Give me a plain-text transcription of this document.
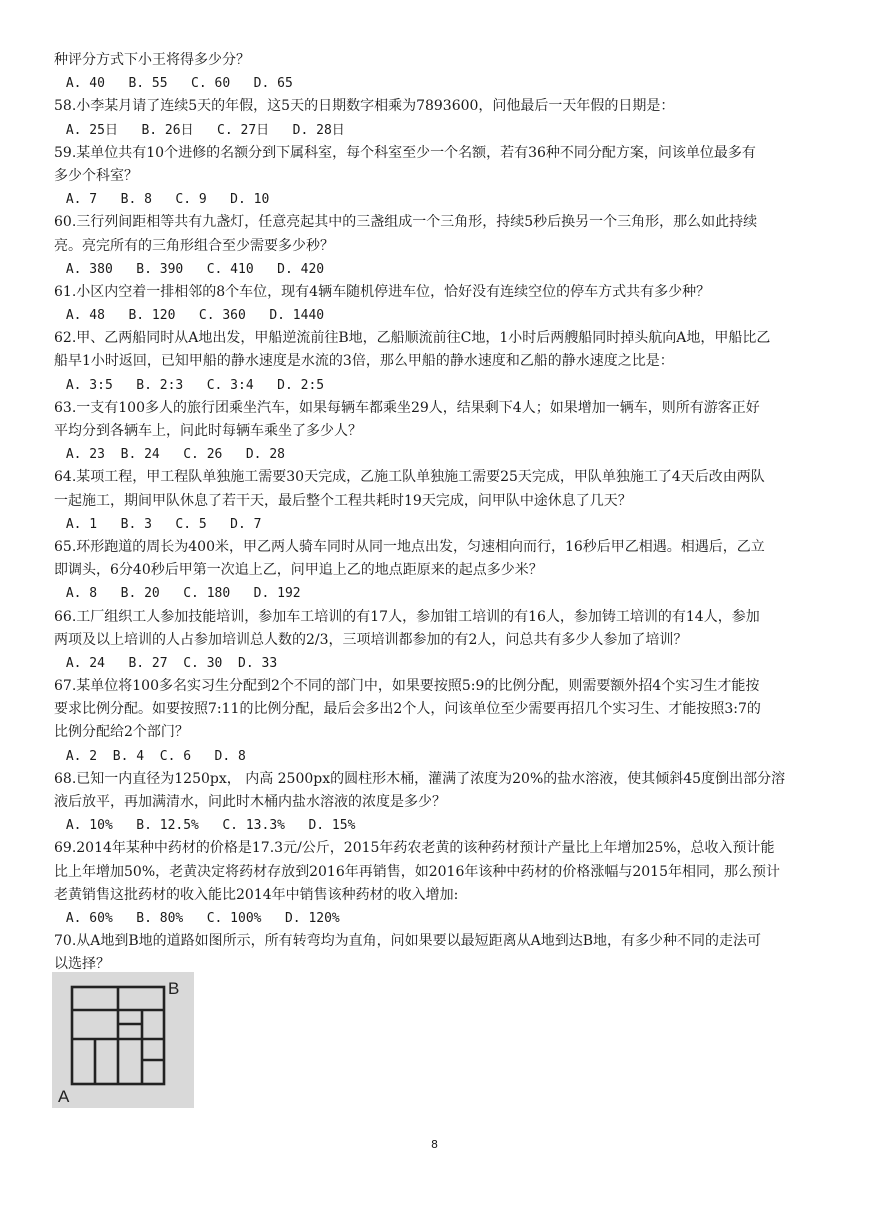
种评分方式下小王将得多少分？
A. 40   B. 55   C. 60   D. 65
58.小李某月请了连续5天的年假，这5天的日期数字相乘为7893600，问他最后一天年假的日期是：
A. 25日   B. 26日   C. 27日   D. 28日
59.某单位共有10个进修的名额分到下属科室，每个科室至少一个名额，若有36种不同分配方案，问该单位最多有
多少个科室？
A. 7   B. 8   C. 9   D. 10
60.三行列间距相等共有九盏灯，任意亮起其中的三盏组成一个三角形，持续5秒后换另一个三角形，那么如此持续
亮。亮完所有的三角形组合至少需要多少秒？
A. 380   B. 390   C. 410   D. 420
61.小区内空着一排相邻的8个车位，现有4辆车随机停进车位，恰好没有连续空位的停车方式共有多少种？
A. 48   B. 120   C. 360   D. 1440
62.甲、乙两船同时从A地出发，甲船逆流前往B地，乙船顺流前往C地，1小时后两艘船同时掉头航向A地，甲船比乙
船早1小时返回，已知甲船的静水速度是水流的3倍，那么甲船的静水速度和乙船的静水速度之比是：
A. 3:5   B. 2:3   C. 3:4   D. 2:5
63.一支有100多人的旅行团乘坐汽车，如果每辆车都乘坐29人，结果剩下4人；如果增加一辆车，则所有游客正好
平均分到各辆车上，问此时每辆车乘坐了多少人？
A. 23  B. 24   C. 26   D. 28
64.某项工程，甲工程队单独施工需要30天完成，乙施工队单独施工需要25天完成，甲队单独施工了4天后改由两队
一起施工，期间甲队休息了若干天，最后整个工程共耗时19天完成，问甲队中途休息了几天？
A. 1   B. 3   C. 5   D. 7
65.环形跑道的周长为400米，甲乙两人骑车同时从同一地点出发，匀速相向而行，16秒后甲乙相遇。相遇后，乙立
即调头，6分40秒后甲第一次追上乙，问甲追上乙的地点距原来的起点多少米？
A. 8   B. 20   C. 180   D. 192
66.工厂组织工人参加技能培训，参加车工培训的有17人，参加钳工培训的有16人，参加铸工培训的有14人，参加
两项及以上培训的人占参加培训总人数的2/3，三项培训都参加的有2人，问总共有多少人参加了培训？
A. 24   B. 27  C. 30  D. 33
67.某单位将100多名实习生分配到2个不同的部门中，如果要按照5:9的比例分配，则需要额外招4个实习生才能按
要求比例分配。如要按照7:11的比例分配，最后会多出2个人，问该单位至少需要再招几个实习生、才能按照3:7的
比例分配给2个部门？
A. 2  B. 4  C. 6   D. 8
68.已知一内直径为1250px， 内高 2500px的圆柱形木桶，灌满了浓度为20%的盐水溶液，使其倾斜45度倒出部分溶
液后放平，再加满清水，问此时木桶内盐水溶液的浓度是多少？
A. 10%   B. 12.5%   C. 13.3%   D. 15%
69.2014年某种中药材的价格是17.3元/公斤，2015年药农老黄的该种药材预计产量比上年增加25%，总收入预计能
比上年增加50%，老黄决定将药材存放到2016年再销售，如2016年该种中药材的价格涨幅与2015年相同，那么预计
老黄销售这批药材的收入能比2014年中销售该种药材的收入增加:
A. 60%   B. 80%   C. 100%   D. 120%
70.从A地到B地的道路如图所示，所有转弯均为直角，问如果要以最短距离从A地到达B地，有多少种不同的走法可
以选择？
B
A
8
